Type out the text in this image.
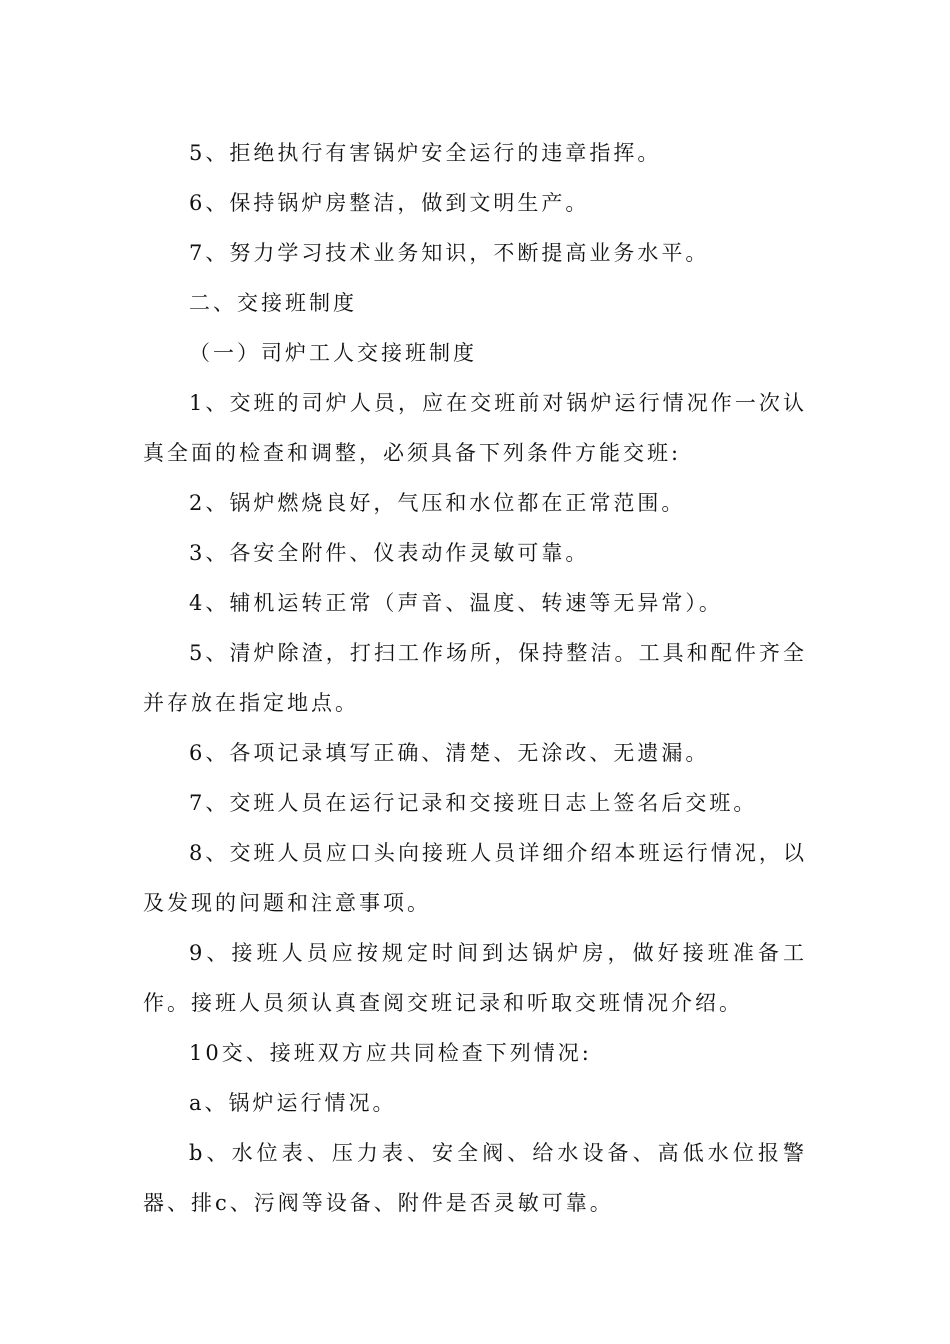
5、拒绝执行有害锅炉安全运行的违章指挥。

6、保持锅炉房整洁，做到文明生产。

7、努力学习技术业务知识，不断提高业务水平。

二、交接班制度

（一）司炉工人交接班制度

1、交班的司炉人员，应在交班前对锅炉运行情况作一次认真全面的检查和调整，必须具备下列条件方能交班:

2、锅炉燃烧良好，气压和水位都在正常范围。

3、各安全附件、仪表动作灵敏可靠。

4、辅机运转正常（声音、温度、转速等无异常）。

5、清炉除渣，打扫工作场所，保持整洁。工具和配件齐全并存放在指定地点。

6、各项记录填写正确、清楚、无涂改、无遗漏。

7、交班人员在运行记录和交接班日志上签名后交班。

8、交班人员应口头向接班人员详细介绍本班运行情况，以及发现的问题和注意事项。

9、接班人员应按规定时间到达锅炉房，做好接班准备工作。接班人员须认真查阅交班记录和听取交班情况介绍。

10交、接班双方应共同检查下列情况:

a、锅炉运行情况。

b、水位表、压力表、安全阀、给水设备、高低水位报警器、排c、污阀等设备、附件是否灵敏可靠。
